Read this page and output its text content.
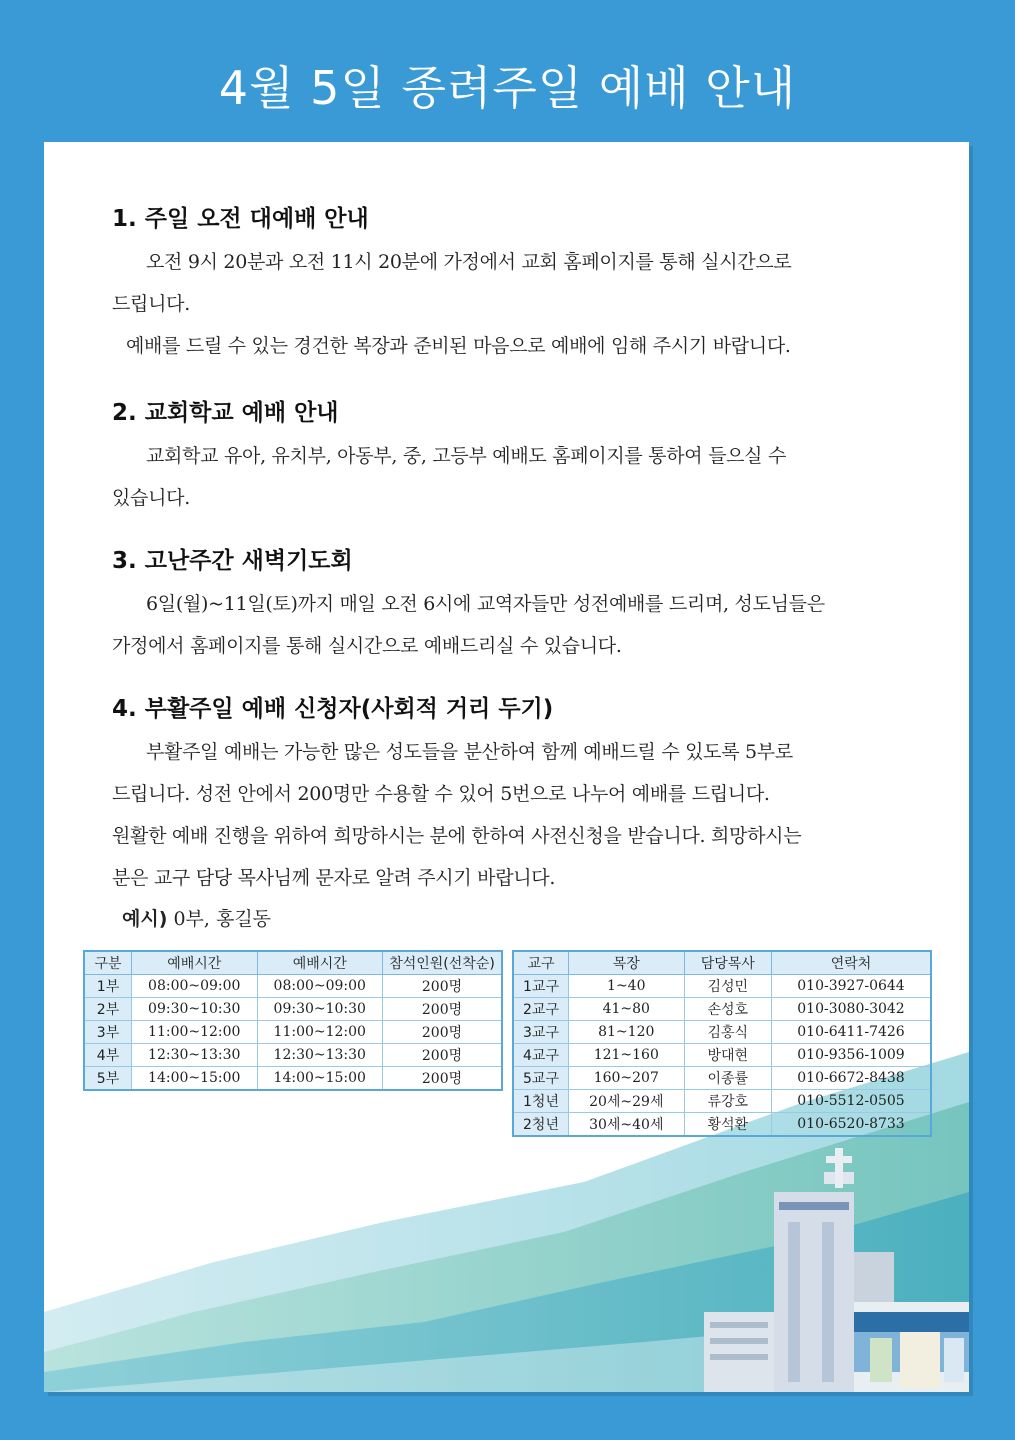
4월 5일 종려주일 예배 안내
1. 주일 오전 대예배 안내

오전 9시 20분과 오전 11시 20분에 가정에서 교회 홈페이지를 통해 실시간으로

드립니다.

예배를 드릴 수 있는 경건한 복장과 준비된 마음으로 예배에 임해 주시기 바랍니다.

2. 교회학교 예배 안내

교회학교 유아, 유치부, 아동부, 중, 고등부 예배도 홈페이지를 통하여 들으실 수

있습니다.

3. 고난주간 새벽기도회

6일(월)~11일(토)까지 매일 오전 6시에 교역자들만 성전예배를 드리며, 성도님들은

가정에서 홈페이지를 통해 실시간으로 예배드리실 수 있습니다.

4. 부활주일 예배 신청자(사회적 거리 두기)

부활주일 예배는 가능한 많은 성도들을 분산하여 함께 예배드릴 수 있도록 5부로

드립니다. 성전 안에서 200명만 수용할 수 있어 5번으로 나누어 예배를 드립니다.

원활한 예배 진행을 위하여 희망하시는 분에 한하여 사전신청을 받습니다. 희망하시는

분은 교구 담당 목사님께 문자로 알려 주시기 바랍니다.

예시) 0부, 홍길동
구분	예배시간	예배시간	참석인원(선착순)
1부	08:00~09:00	08:00~09:00	200명
2부	09:30~10:30	09:30~10:30	200명
3부	11:00~12:00	11:00~12:00	200명
4부	12:30~13:30	12:30~13:30	200명
5부	14:00~15:00	14:00~15:00	200명
교구	목장	담당목사	연락처
1교구	1~40	김성민	010-3927-0644
2교구	41~80	손성호	010-3080-3042
3교구	81~120	김홍식	010-6411-7426
4교구	121~160	방대현	010-9356-1009
5교구	160~207	이종률	010-6672-8438
1청년	20세~29세	류강호	010-5512-0505
2청년	30세~40세	황석환	010-6520-8733
